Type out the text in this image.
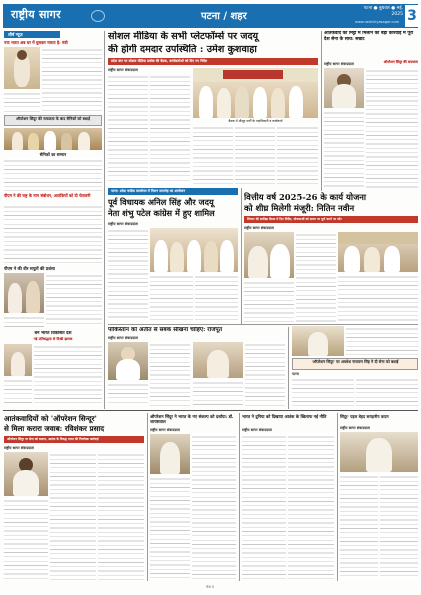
राष्ट्रीय सागर	पटना / शहर
पटना ● बुधवार ● मई, 2025
www.rashtriyasagar.com 3
शीर्ष न्यूज़
नया भारत अब घर में घुसकर मारता है: मंत्री
ऑपरेशन सिंदूर की सफलता के बाद सैनिकों को बधाई
सैनिकों का सम्मान
पीएम ने की राष्ट्र के नाम संबोधन, आतंकियों को दी चेतावनी
पीएम ने की वीर सपूतों की प्रशंसा
बने भारत विकसित देश
नई प्रतिबद्धता से दिखी झलक
सोशल मीडिया के सभी प्लेटफॉर्म्स पर जदयू
की होगी दमदार उपस्थिति : उमेश कुशवाहा
प्रदेश स्तर पर सोशल मीडिया प्रकोष्ठ की बैठक, कार्यकर्ताओं को दिए गए निर्देश
राष्ट्रीय सागर संवाददाता
बैठक में मौजूद पार्टी के पदाधिकारी व कार्यकर्ता
आतंकवाद को मिट्टी में मिलाने की बड़ी कार्रवाई में पूरा देश सेना के साथ: सम्राट
राष्ट्रीय सागर संवाददाता	ऑपरेशन सिंदूर की सफलता
पटना: प्रदेश कांग्रेस कार्यालय में मिलन समारोह का आयोजन
पूर्व विधायक अनिल सिंह और जदयू
नेता शंभु पटेल कांग्रेस में हुए शामिल
राष्ट्रीय सागर संवाददाता
वित्तीय वर्ष 2025-26 के कार्य योजना
को शीघ्र मिलेगी मंजूरी: नितिन नवीन
विभाग की समीक्षा बैठक में दिए निर्देश, योजनाओं को समय पर पूर्ण करने पर जोर
राष्ट्रीय सागर संवाददाता
पाकिस्तान को अतीत से सबक सीखना चाहिए: राजपूत
राष्ट्रीय सागर संवाददाता
'ऑपरेशन सिंदूर' पर अवधेश नारायण सिंह ने दी सेना को बधाई
पटना
आतंकवादियों को 'ऑपरेशन सिन्दूर'
से मिला करारा जवाब: रविशंकर प्रसाद
ऑपरेशन सिंदूर पर सेना को सलाम, आतंक के विरुद्ध भारत की निर्णायक कार्रवाई
राष्ट्रीय सागर संवाददाता
ऑपरेशन सिंदूर ने भारत के नए संकल्प को दर्शाया: डॉ. जायसवाल
राष्ट्रीय सागर संवाददाता
भारत ने दुनिया को दिखाया आतंक के खिलाफ नई नीति
राष्ट्रीय सागर संवाददाता
सिंदूर' पहल बेहद सराहनीय कदम
राष्ट्रीय सागर संवाददाता
पेज 3
